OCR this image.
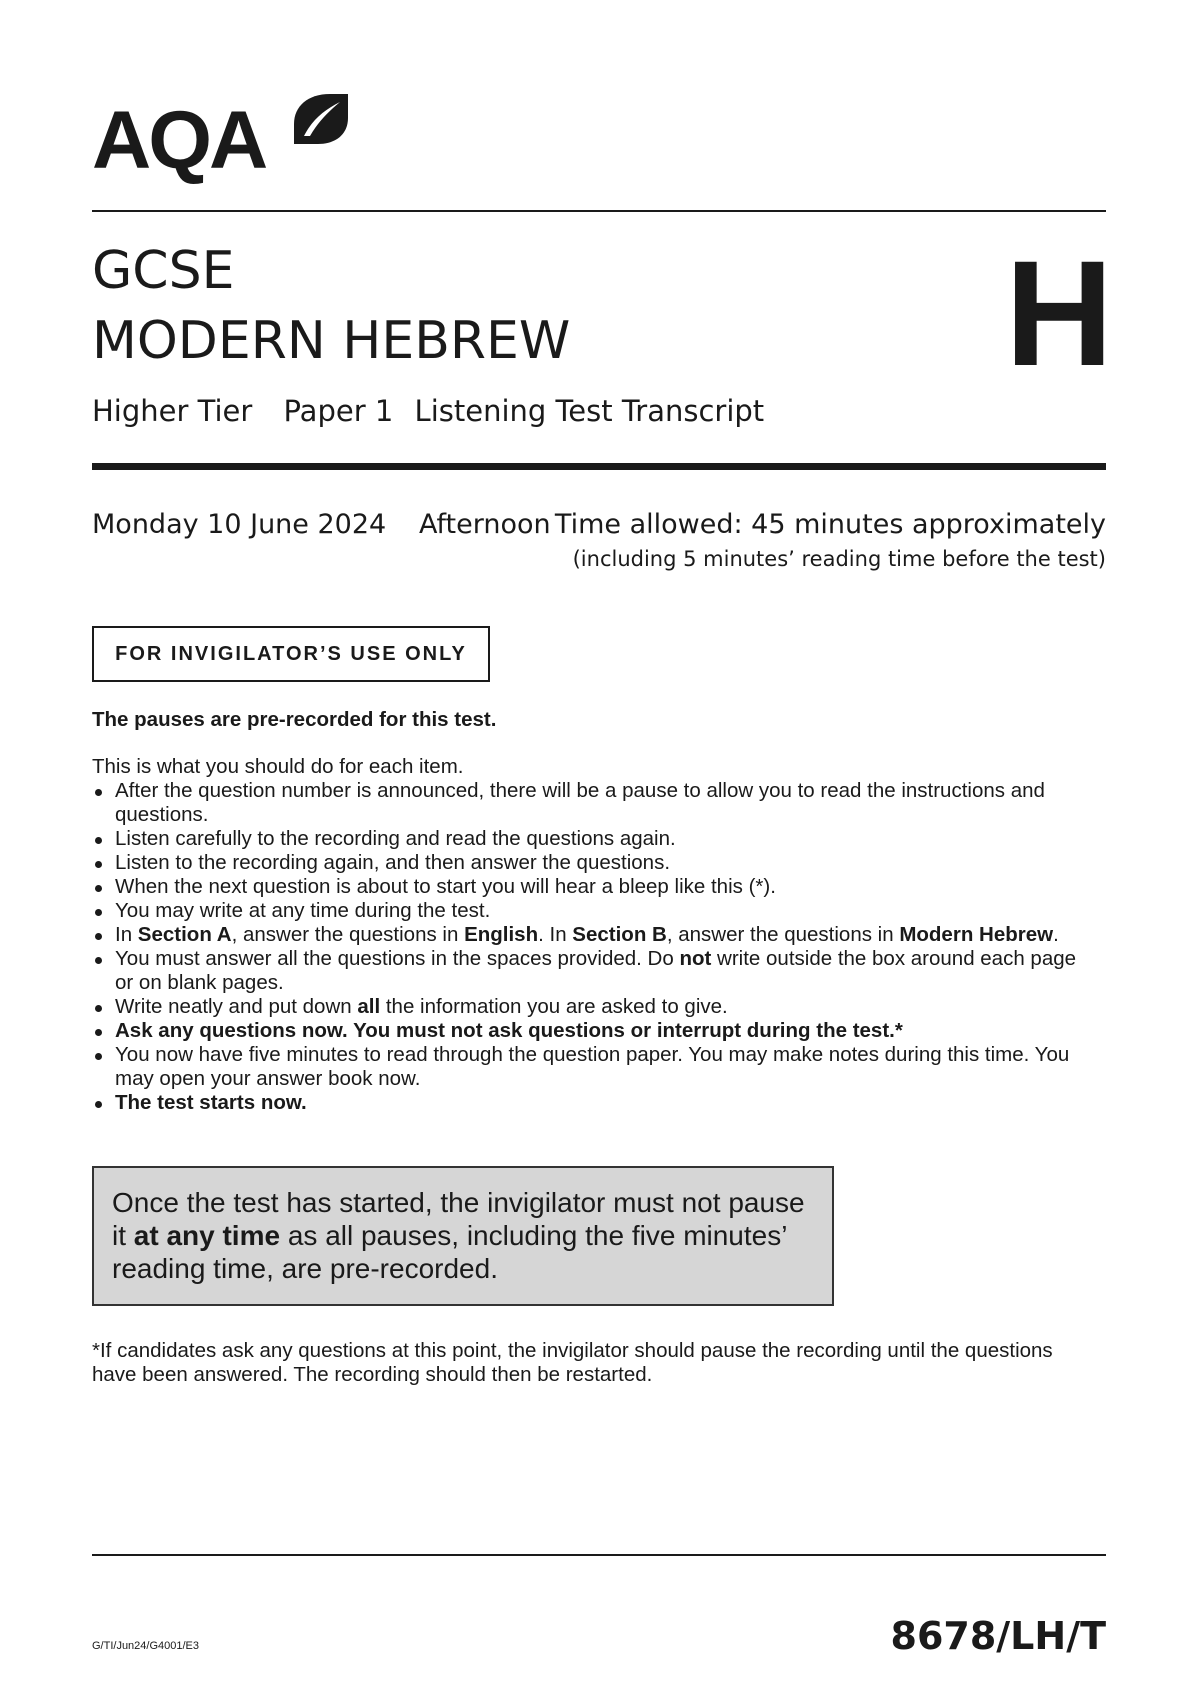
AQA
GCSE
MODERN HEBREW	H
Higher Tier Paper 1 Listening Test Transcript
Monday 10 June 2024 Afternoon Time allowed: 45 minutes approximately
(including 5 minutes’ reading time before the test)
FOR INVIGILATOR’S USE ONLY
The pauses are pre-recorded for this test.
This is what you should do for each item.
After the question number is announced, there will be a pause to allow you to read the instructions and questions.
Listen carefully to the recording and read the questions again.
Listen to the recording again, and then answer the questions.
When the next question is about to start you will hear a bleep like this (*).
You may write at any time during the test.
In Section A, answer the questions in English. In Section B, answer the questions in Modern Hebrew.
You must answer all the questions in the spaces provided. Do not write outside the box around each page or on blank pages.
Write neatly and put down all the information you are asked to give.
Ask any questions now. You must not ask questions or interrupt during the test.*
You now have five minutes to read through the question paper. You may make notes during this time. You may open your answer book now.
The test starts now.
Once the test has started, the invigilator must not pause it at any time as all pauses, including the five minutes’ reading time, are pre-recorded.
*If candidates ask any questions at this point, the invigilator should pause the recording until the questions have been answered. The recording should then be restarted.
G/TI/Jun24/G4001/E3	8678/LH/T
